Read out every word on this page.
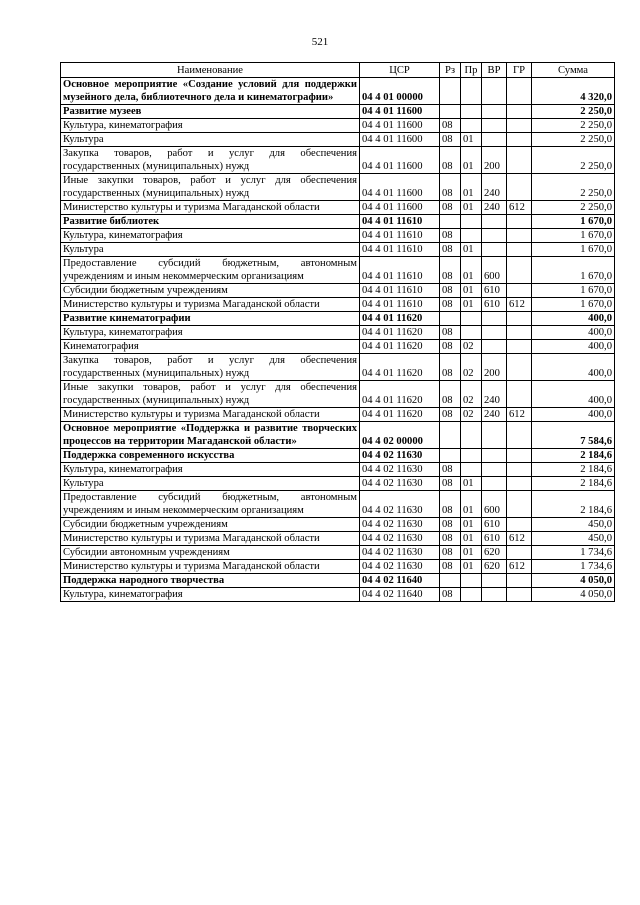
521
Наименование	ЦСР	Рз	Пр	ВР	ГР	Сумма
Основное мероприятие «Создание условий для поддержки музейного дела, библиотечного дела и кинематографии»	04 4 01 00000					4 320,0
Развитие музеев	04 4 01 11600					2 250,0
Культура, кинематография	04 4 01 11600	08				2 250,0
Культура	04 4 01 11600	08	01			2 250,0
Закупка товаров, работ и услуг для обеспечения государственных (муниципальных) нужд	04 4 01 11600	08	01	200		2 250,0
Иные закупки товаров, работ и услуг для обеспечения государственных (муниципальных) нужд	04 4 01 11600	08	01	240		2 250,0
Министерство культуры и туризма Магаданской области	04 4 01 11600	08	01	240	612	2 250,0
Развитие библиотек	04 4 01 11610					1 670,0
Культура, кинематография	04 4 01 11610	08				1 670,0
Культура	04 4 01 11610	08	01			1 670,0
Предоставление субсидий бюджетным, автономным учреждениям и иным некоммерческим организациям	04 4 01 11610	08	01	600		1 670,0
Субсидии бюджетным учреждениям	04 4 01 11610	08	01	610		1 670,0
Министерство культуры и туризма Магаданской области	04 4 01 11610	08	01	610	612	1 670,0
Развитие кинематографии	04 4 01 11620					400,0
Культура, кинематография	04 4 01 11620	08				400,0
Кинематография	04 4 01 11620	08	02			400,0
Закупка товаров, работ и услуг для обеспечения государственных (муниципальных) нужд	04 4 01 11620	08	02	200		400,0
Иные закупки товаров, работ и услуг для обеспечения государственных (муниципальных) нужд	04 4 01 11620	08	02	240		400,0
Министерство культуры и туризма Магаданской области	04 4 01 11620	08	02	240	612	400,0
Основное мероприятие «Поддержка и развитие творческих процессов на территории Магаданской области»	04 4 02 00000					7 584,6
Поддержка современного искусства	04 4 02 11630					2 184,6
Культура, кинематография	04 4 02 11630	08				2 184,6
Культура	04 4 02 11630	08	01			2 184,6
Предоставление субсидий бюджетным, автономным учреждениям и иным некоммерческим организациям	04 4 02 11630	08	01	600		2 184,6
Субсидии бюджетным учреждениям	04 4 02 11630	08	01	610		450,0
Министерство культуры и туризма Магаданской области	04 4 02 11630	08	01	610	612	450,0
Субсидии автономным учреждениям	04 4 02 11630	08	01	620		1 734,6
Министерство культуры и туризма Магаданской области	04 4 02 11630	08	01	620	612	1 734,6
Поддержка народного творчества	04 4 02 11640					4 050,0
Культура, кинематография	04 4 02 11640	08				4 050,0
